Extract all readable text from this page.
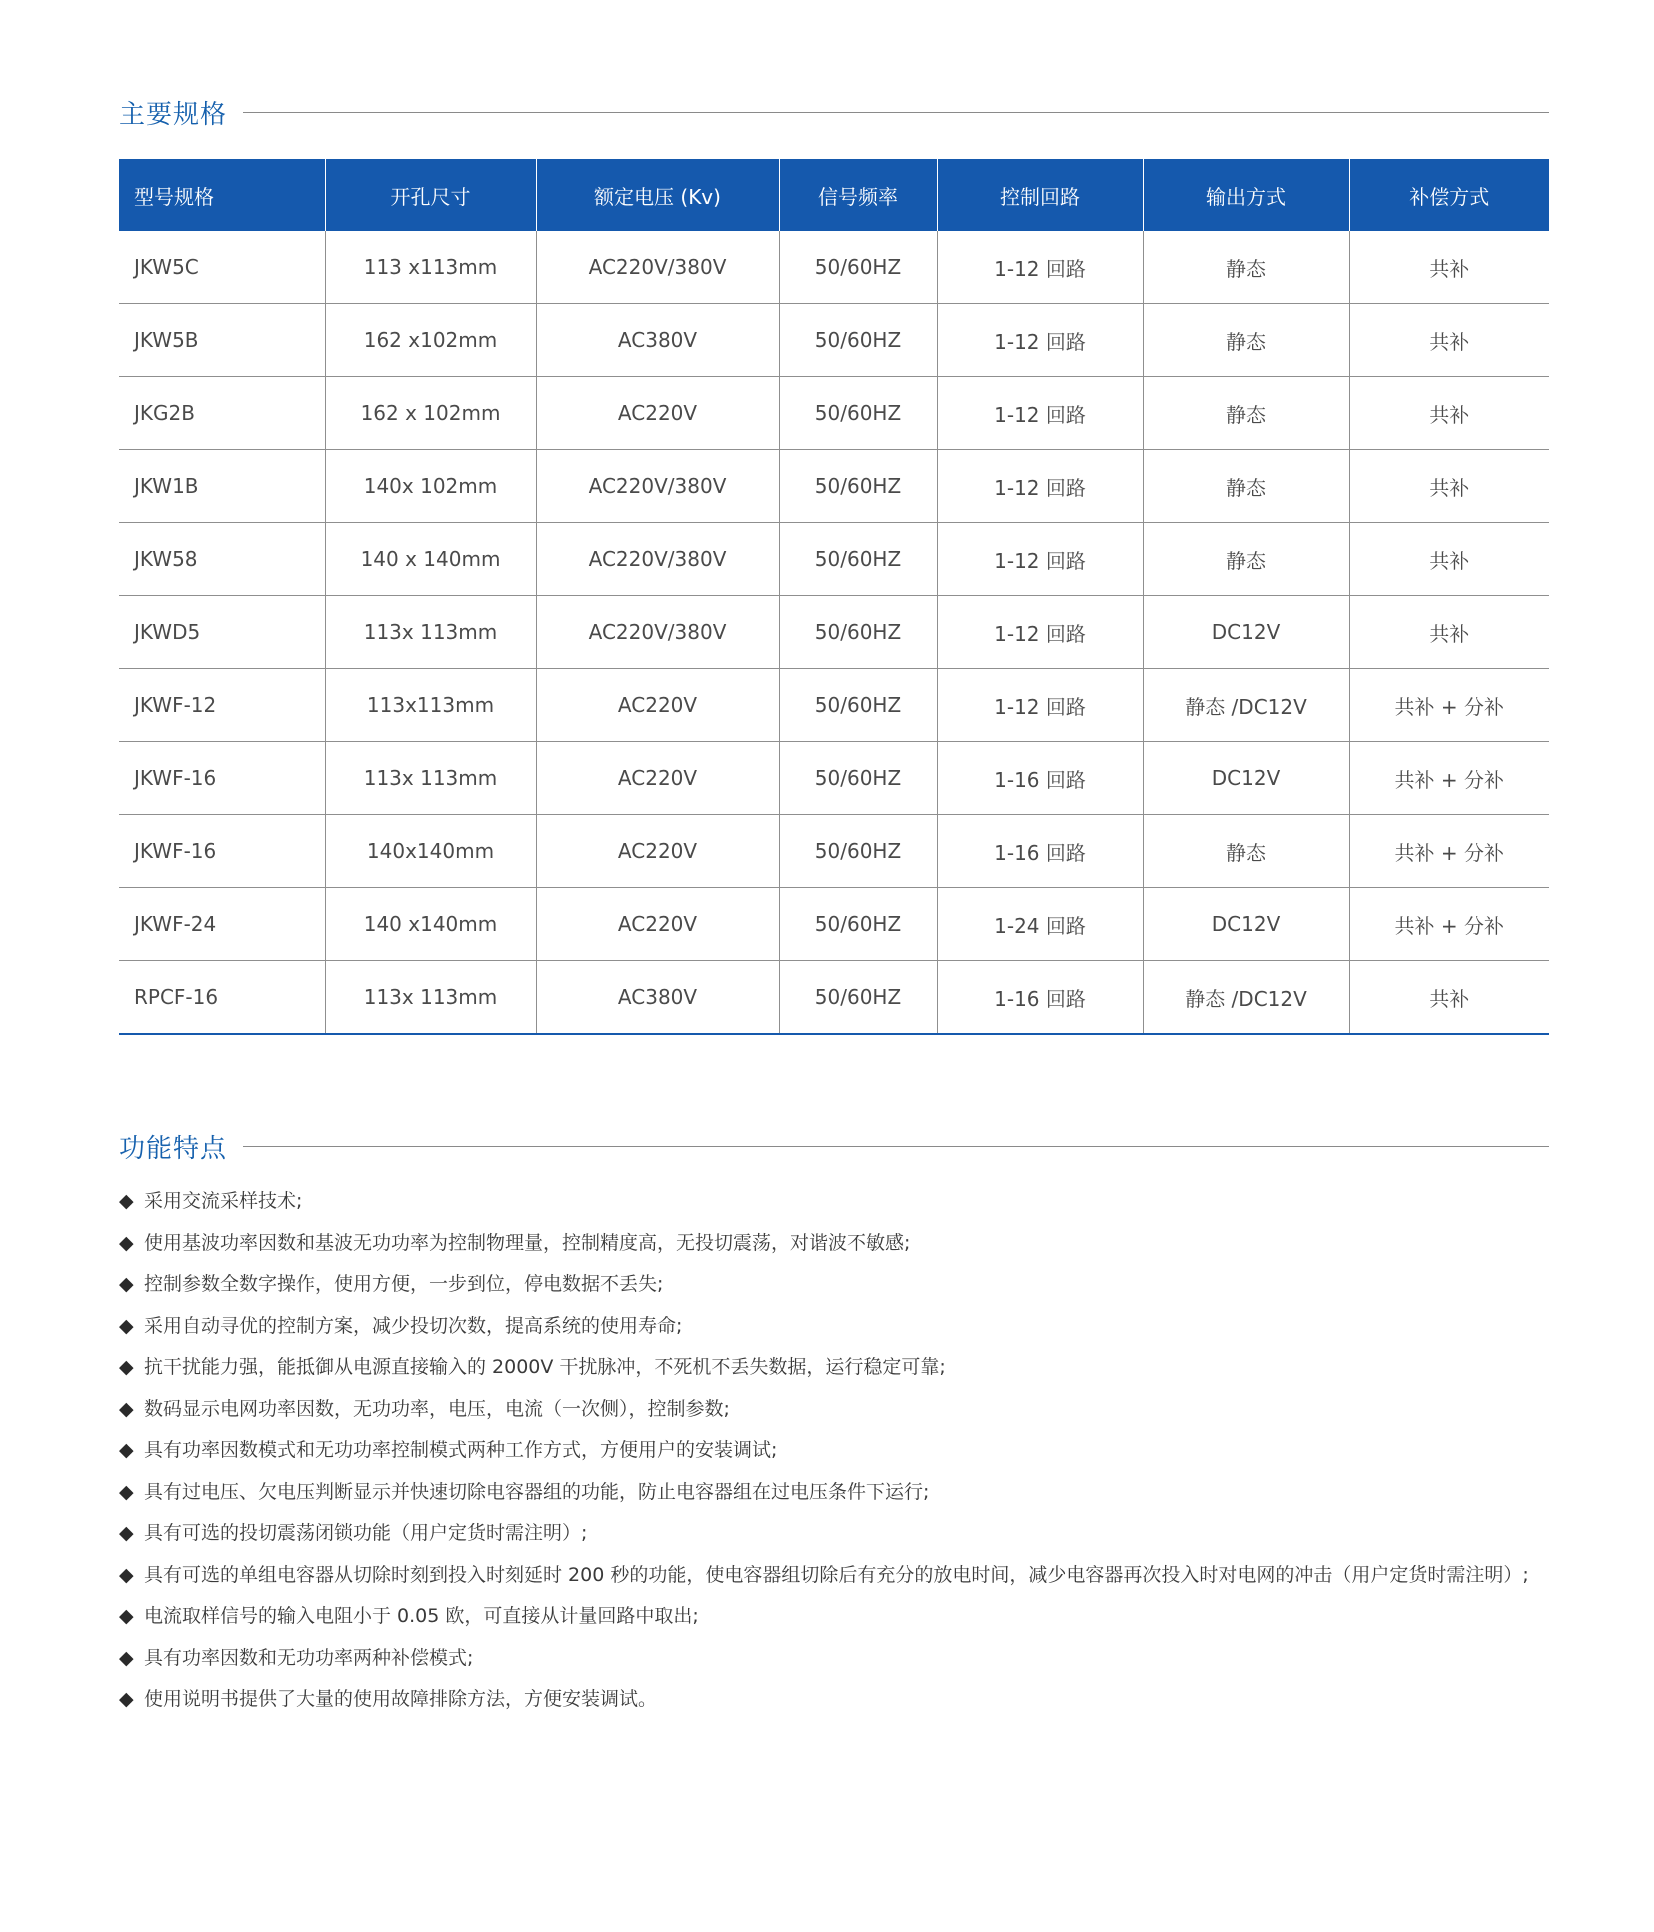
主要规格
型号规格	开孔尺寸	额定电压 (Kv)	信号频率	控制回路	输出方式	补偿方式
JKW5C	113 x113mm	AC220V/380V	50/60HZ	1-12 回路	静态	共补
JKW5B	162 x102mm	AC380V	50/60HZ	1-12 回路	静态	共补
JKG2B	162 x 102mm	AC220V	50/60HZ	1-12 回路	静态	共补
JKW1B	140x 102mm	AC220V/380V	50/60HZ	1-12 回路	静态	共补
JKW58	140 x 140mm	AC220V/380V	50/60HZ	1-12 回路	静态	共补
JKWD5	113x 113mm	AC220V/380V	50/60HZ	1-12 回路	DC12V	共补
JKWF-12	113x113mm	AC220V	50/60HZ	1-12 回路	静态 /DC12V	共补 + 分补
JKWF-16	113x 113mm	AC220V	50/60HZ	1-16 回路	DC12V	共补 + 分补
JKWF-16	140x140mm	AC220V	50/60HZ	1-16 回路	静态	共补 + 分补
JKWF-24	140 x140mm	AC220V	50/60HZ	1-24 回路	DC12V	共补 + 分补
RPCF-16	113x 113mm	AC380V	50/60HZ	1-16 回路	静态 /DC12V	共补
功能特点
◆ 采用交流采样技术;
◆ 使用基波功率因数和基波无功功率为控制物理量，控制精度高，无投切震荡，对谐波不敏感;
◆ 控制参数全数字操作，使用方便，一步到位，停电数据不丢失;
◆ 采用自动寻优的控制方案，减少投切次数，提高系统的使用寿命;
◆ 抗干扰能力强，能抵御从电源直接输入的 2000V 干扰脉冲，不死机不丢失数据，运行稳定可靠;
◆ 数码显示电网功率因数，无功功率，电压，电流（一次侧），控制参数;
◆ 具有功率因数模式和无功功率控制模式两种工作方式，方便用户的安装调试;
◆ 具有过电压、欠电压判断显示并快速切除电容器组的功能，防止电容器组在过电压条件下运行;
◆ 具有可选的投切震荡闭锁功能（用户定货时需注明）;
◆ 具有可选的单组电容器从切除时刻到投入时刻延时 200 秒的功能，使电容器组切除后有充分的放电时间，减少电容器再次投入时对电网的冲击（用户定货时需注明）;
◆ 电流取样信号的输入电阻小于 0.05 欧，可直接从计量回路中取出;
◆ 具有功率因数和无功功率两种补偿模式;
◆ 使用说明书提供了大量的使用故障排除方法，方便安装调试。
